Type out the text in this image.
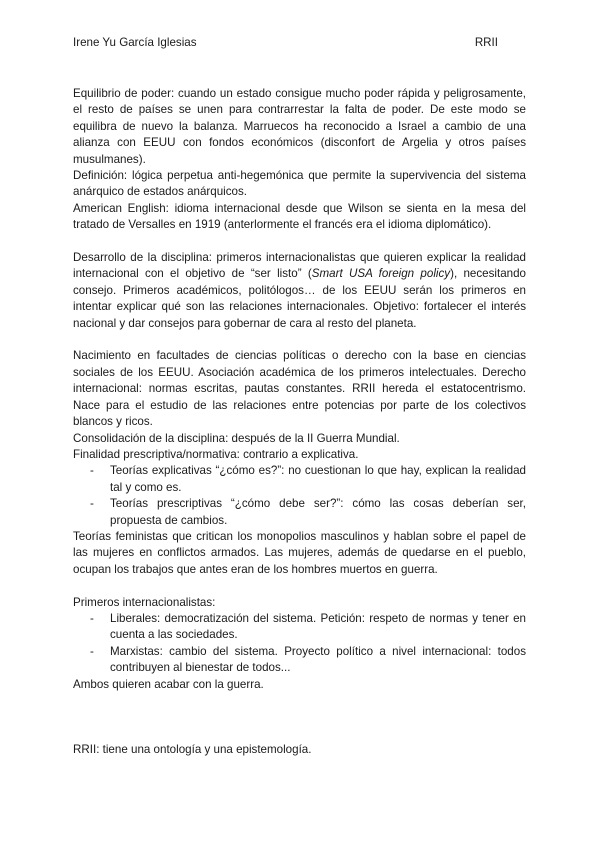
Irene Yu García Iglesias	RRII

Equilibrio de poder: cuando un estado consigue mucho poder rápida y peligrosamente, el resto de países se unen para contrarrestar la falta de poder. De este modo se equilibra de nuevo la balanza. Marruecos ha reconocido a Israel a cambio de una alianza con EEUU con fondos económicos (disconfort de Argelia y otros países musulmanes).

Definición: lógica perpetua anti-hegemónica que permite la supervivencia del sistema anárquico de estados anárquicos.

American English: idioma internacional desde que Wilson se sienta en la mesa del tratado de Versalles en 1919 (anterlormente el francés era el idioma diplomático).

Desarrollo de la disciplina: primeros internacionalistas que quieren explicar la realidad internacional con el objetivo de “ser listo” (Smart USA foreign policy), necesitando consejo. Primeros académicos, politólogos… de los EEUU serán los primeros en intentar explicar qué son las relaciones internacionales. Objetivo: fortalecer el interés nacional y dar consejos para gobernar de cara al resto del planeta.

Nacimiento en facultades de ciencias políticas o derecho con la base en ciencias sociales de los EEUU. Asociación académica de los primeros intelectuales. Derecho internacional: normas escritas, pautas constantes. RRII hereda el estatocentrismo. Nace para el estudio de las relaciones entre potencias por parte de los colectivos blancos y ricos.

Consolidación de la disciplina: después de la II Guerra Mundial.

Finalidad prescriptiva/normativa: contrario a explicativa.

- Teorías explicativas “¿cómo es?”: no cuestionan lo que hay, explican la realidad tal y como es.
- Teorías prescriptivas “¿cómo debe ser?”: cómo las cosas deberían ser, propuesta de cambios.

Teorías feministas que critican los monopolios masculinos y hablan sobre el papel de las mujeres en conflictos armados. Las mujeres, además de quedarse en el pueblo, ocupan los trabajos que antes eran de los hombres muertos en guerra.

Primeros internacionalistas:

- Liberales: democratización del sistema. Petición: respeto de normas y tener en cuenta a las sociedades.
- Marxistas: cambio del sistema. Proyecto político a nivel internacional: todos contribuyen al bienestar de todos...

Ambos quieren acabar con la guerra.

RRII: tiene una ontología y una epistemología.
